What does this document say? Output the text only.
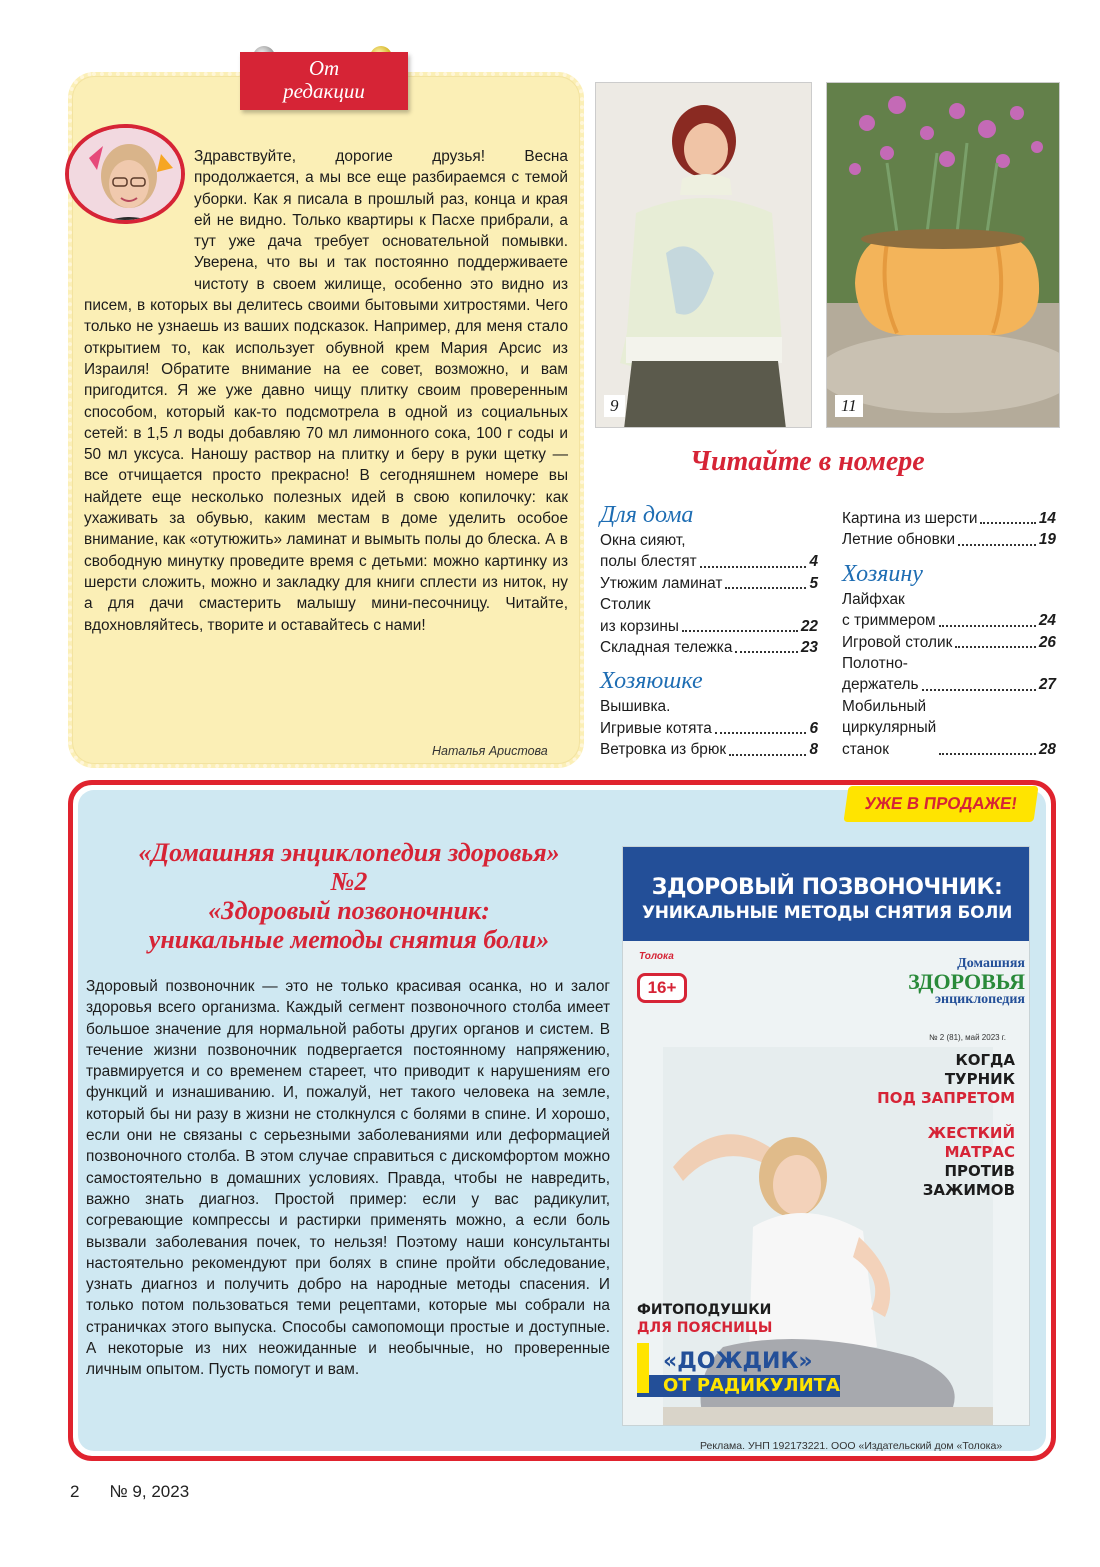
От
редакции
Здравствуйте, дорогие друзья! Весна продолжается, а мы все еще разбираемся с темой уборки. Как я писала в прошлый раз, конца и края ей не видно. Только квартиры к Пасхе прибрали, а тут уже дача требует основательной помывки. Уверена, что вы и так постоянно поддерживаете чистоту в своем жилище, особенно это видно из писем, в которых вы делитесь своими бытовыми хитростями. Чего только не узнаешь из ваших подсказок. Например, для меня стало открытием то, как использует обувной крем Мария Арсис из Израиля! Обратите внимание на ее совет, возможно, и вам пригодится. Я же уже давно чищу плитку своим проверенным способом, который как-то подсмотрела в одной из социальных сетей: в 1,5 л воды добавляю 70 мл лимонного сока, 100 г соды и 50 мл уксуса. Наношу раствор на плитку и беру в руки щетку — все отчищается просто прекрасно! В сегодняшнем номере вы найдете еще несколько полезных идей в свою копилочку: как ухаживать за обувью, каким местам в доме уделить особое внимание, как «отутюжить» ламинат и вымыть полы до блеска. А в свободную минутку проведите время с детьми: можно картинку из шерсти сложить, можно и закладку для книги сплести из ниток, ну а для дачи смастерить малышу мини-песочницу. Читайте, вдохновляйтесь, творите и оставайтесь с нами!
Наталья Аристова
9	11
Читайте в номере
Для дома
Окна сияют,
полы блестят	4
Утюжим ламинат	5
Столик
из корзины	22
Складная тележка	23
Хозяюшке
Вышивка.
Игривые котята	6
Ветровка из брюк	8
Картина из шерсти	14
Летние обновки	19
Хозяину
Лайфхак
с триммером	24
Игровой столик	26
Полотно-
держатель	27
Мобильный
циркулярный
станок	28
УЖЕ В ПРОДАЖЕ!
«Домашняя энциклопедия здоровья»
№2
«Здоровый позвоночник:
уникальные методы снятия боли»
Здоровый позвоночник — это не только красивая осанка, но и залог здоровья всего организма. Каждый сегмент позвоночного столба имеет большое значение для нормальной работы других органов и систем. В течение жизни позвоночник подвергается постоянному напряжению, травмируется и со временем стареет, что приводит к нарушениям его функций и изнашиванию. И, пожалуй, нет такого человека на земле, который бы ни разу в жизни не столкнулся с болями в спине. И хорошо, если они не связаны с серьезными заболеваниями или деформацией позвоночного столба. В этом случае справиться с дискомфортом можно самостоятельно в домашних условиях. Правда, чтобы не навредить, важно знать диагноз. Простой пример: если у вас радикулит, согревающие компрессы и растирки применять можно, а если боль вызвали заболевания почек, то нельзя! Поэтому наши консультанты настоятельно рекомендуют при болях в спине пройти обследование, узнать диагноз и получить добро на народные методы спасения. И только потом пользоваться теми рецептами, которые мы собрали на страничках этого выпуска. Способы самопомощи простые и доступные. А некоторые из них неожиданные и необычные, но проверенные личным опытом. Пусть помогут и вам.
ЗДОРОВЫЙ ПОЗВОНОЧНИК:
УНИКАЛЬНЫЕ МЕТОДЫ СНЯТИЯ БОЛИ
Толока
16+
Домашняя
ЗДОРОВЬЯ
энциклопедия
№ 2 (81), май 2023 г.
КОГДА
ТУРНИК
ПОД ЗАПРЕТОМ
ЖЕСТКИЙ
МАТРАС
ПРОТИВ
ЗАЖИМОВ
ФИТОПОДУШКИ
ДЛЯ ПОЯСНИЦЫ
«ДОЖДИК»
ОТ РАДИКУЛИТА
Реклама. УНП 192173221. ООО «Издательский дом «Толока»
2 № 9, 2023
